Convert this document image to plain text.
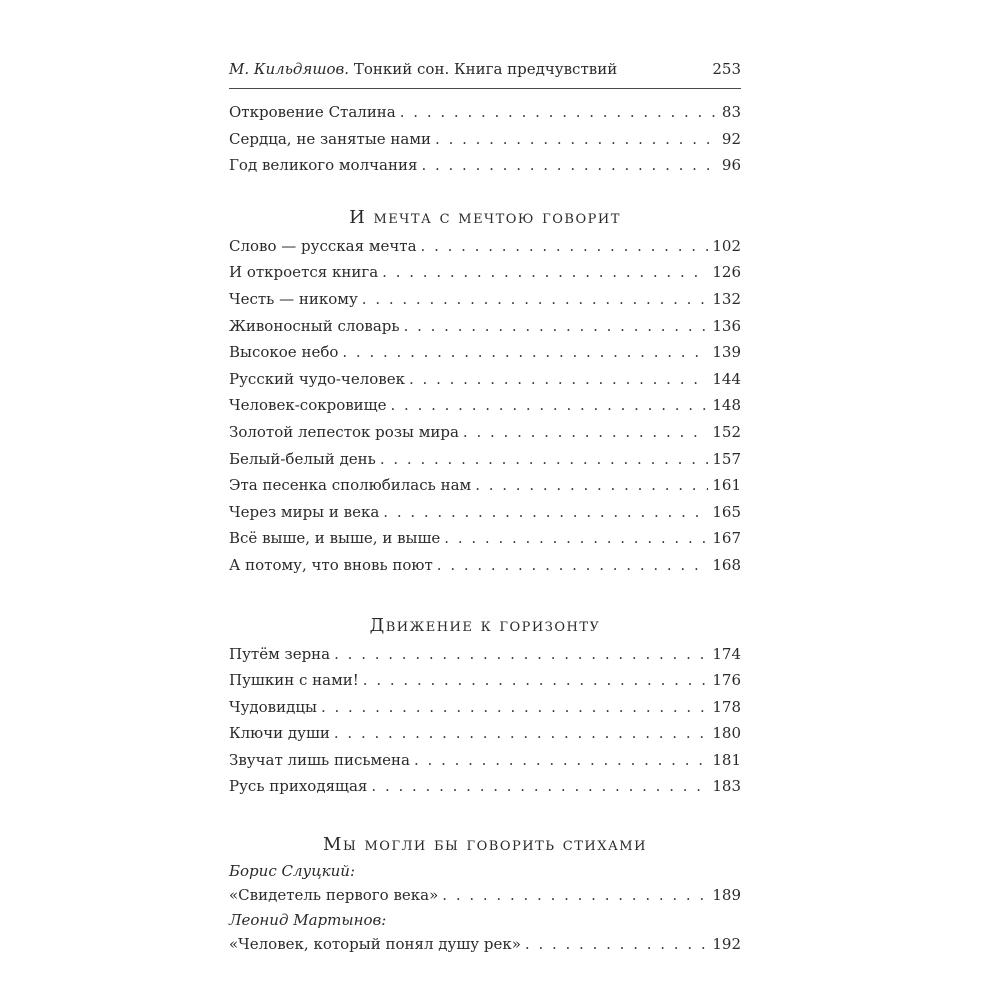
М. Кильдяшов. Тонкий сон. Книга предчувствий	253
Откровение Сталина . . .	83
Сердца, не занятые нами . . .	92
Год великого молчания . . .	96
И мечта с мечтою говорит
Слово — русская мечта . . .	102
И откроется книга . . .	126
Честь — никому . . .	132
Живоносный словарь . . .	136
Высокое небо . . .	139
Русский чудо-человек . . .	144
Человек-сокровище . . .	148
Золотой лепесток розы мира . . .	152
Белый-белый день . . .	157
Эта песенка сполюбилась нам . . .	161
Через миры и века . . .	165
Всё выше, и выше, и выше . . .	167
А потому, что вновь поют . . .	168
Движение к горизонту
Путём зерна . . .	174
Пушкин с нами! . . .	176
Чудовидцы . . .	178
Ключи души . . .	180
Звучат лишь письмена . . .	181
Русь приходящая . . .	183
Мы могли бы говорить стихами
Борис Слуцкий:
«Свидетель первого века» . . .	189
Леонид Мартынов:
«Человек, который понял душу рек» . . .	192
